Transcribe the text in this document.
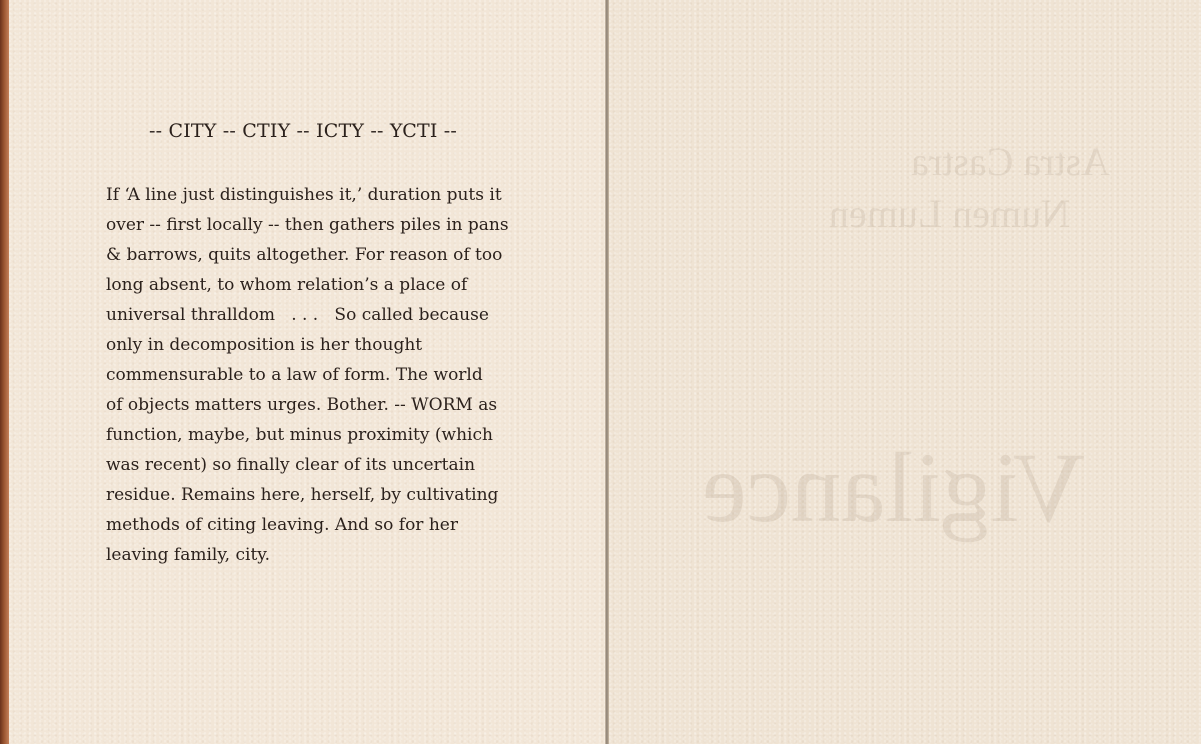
-- CITY -- CTIY -- ICTY -- YCTI --

If ‘A line just distinguishes it,’ duration puts it

over -- first locally -- then gathers piles in pans

& barrows, quits altogether. For reason of too

long absent, to whom relation’s a place of

universal thralldom   . . .   So called because

only in decomposition is her thought

commensurable to a law of form. The world

of objects matters urges. Bother. -- WORM as

function, maybe, but minus proximity (which

was recent) so finally clear of its uncertain

residue. Remains here, herself, by cultivating

methods of citing leaving. And so for her

leaving family, city.

Astra Castra
Numen Lumen
Vigilance
